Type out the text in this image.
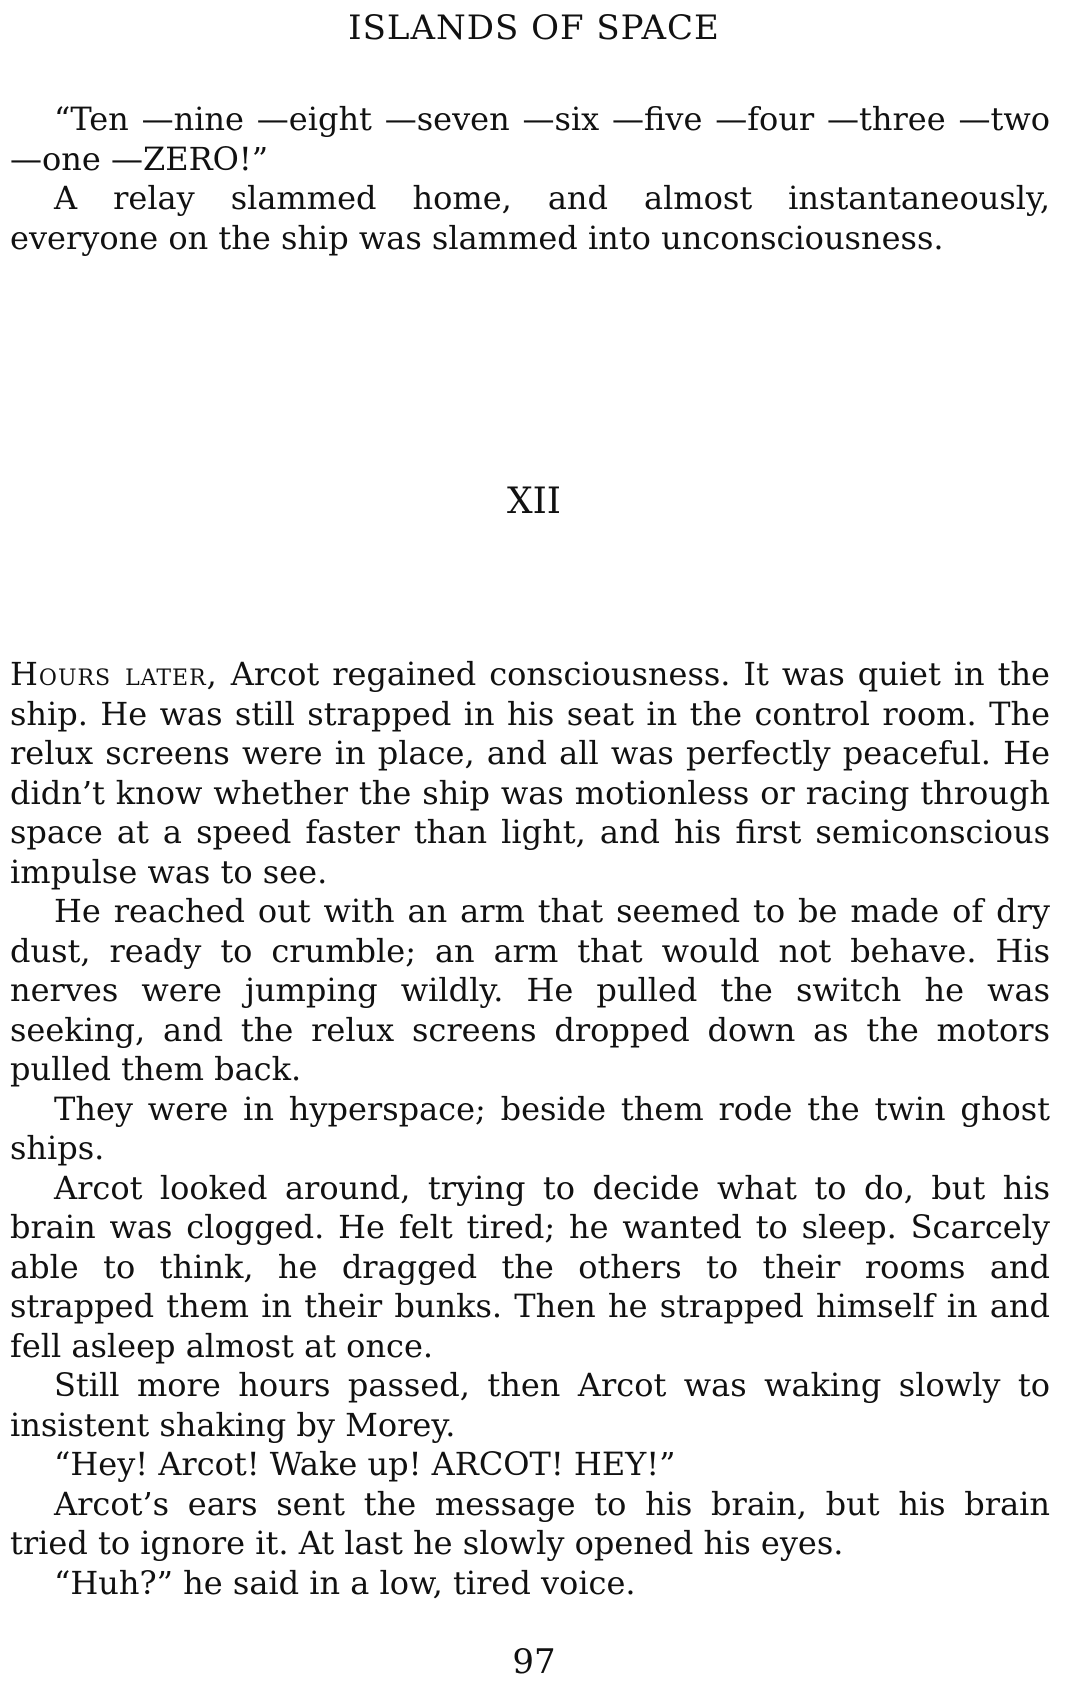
ISLANDS OF SPACE

“Ten —nine —eight —seven —six —five —four —three —two —one —ZERO!”

A relay slammed home, and almost instantaneously, everyone on the ship was slammed into unconsciousness.

XII

Hours later, Arcot regained consciousness. It was quiet in the ship. He was still strapped in his seat in the control room. The relux screens were in place, and all was perfectly peaceful. He didn’t know whether the ship was motionless or racing through space at a speed faster than light, and his first semiconscious impulse was to see.

He reached out with an arm that seemed to be made of dry dust, ready to crumble; an arm that would not behave. His nerves were jumping wildly. He pulled the switch he was seeking, and the relux screens dropped down as the motors pulled them back.

They were in hyperspace; beside them rode the twin ghost ships.

Arcot looked around, trying to decide what to do, but his brain was clogged. He felt tired; he wanted to sleep. Scarcely able to think, he dragged the others to their rooms and strapped them in their bunks. Then he strapped himself in and fell asleep almost at once.

Still more hours passed, then Arcot was waking slowly to insistent shaking by Morey.

“Hey! Arcot! Wake up! ARCOT! HEY!”

Arcot’s ears sent the message to his brain, but his brain tried to ignore it. At last he slowly opened his eyes.

“Huh?” he said in a low, tired voice.

97
